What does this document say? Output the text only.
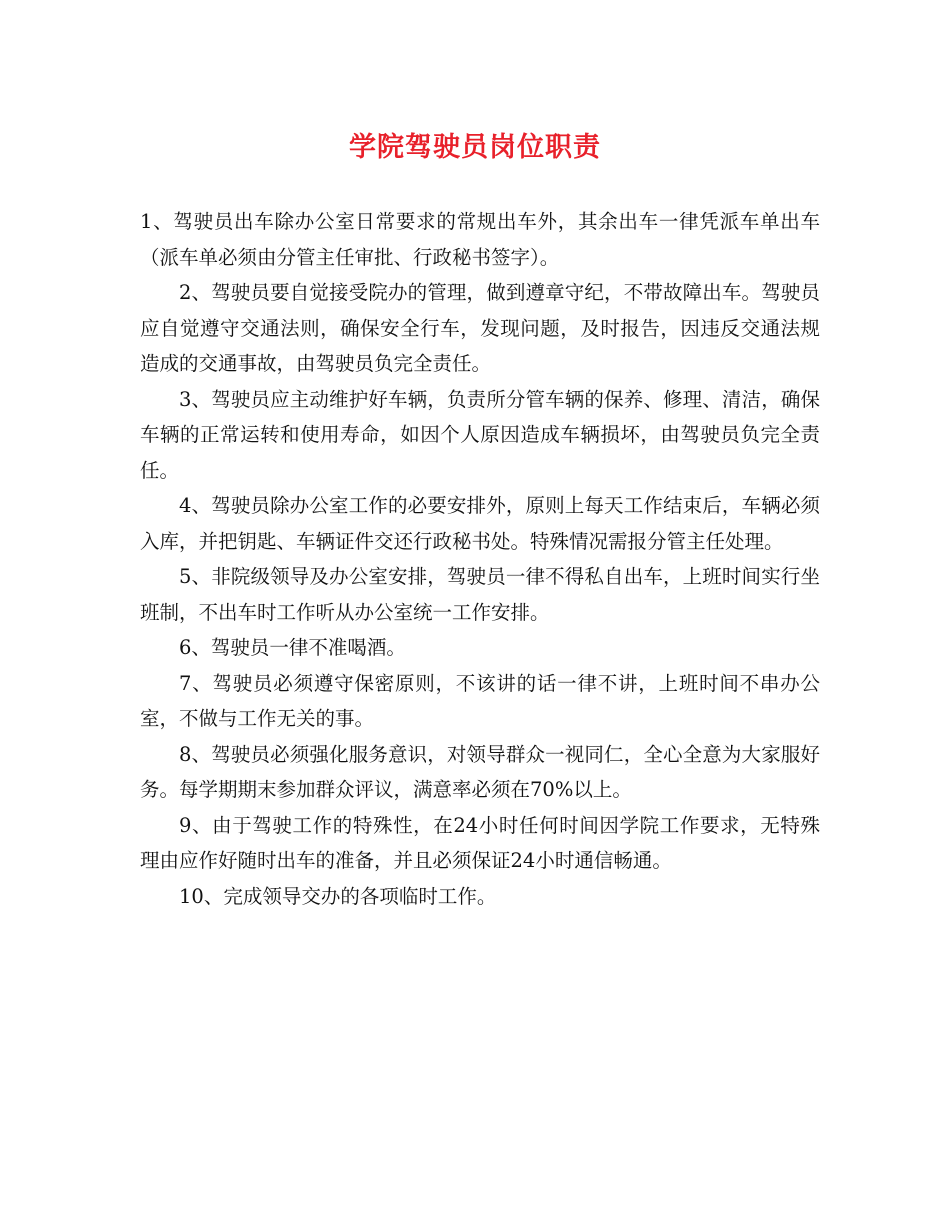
学院驾驶员岗位职责

1、驾驶员出车除办公室日常要求的常规出车外，其余出车一律凭派车单出车（派车单必须由分管主任审批、行政秘书签字）。

2、驾驶员要自觉接受院办的管理，做到遵章守纪，不带故障出车。驾驶员应自觉遵守交通法则，确保安全行车，发现问题，及时报告，因违反交通法规造成的交通事故，由驾驶员负完全责任。

3、驾驶员应主动维护好车辆，负责所分管车辆的保养、修理、清洁，确保车辆的正常运转和使用寿命，如因个人原因造成车辆损坏，由驾驶员负完全责任。

4、驾驶员除办公室工作的必要安排外，原则上每天工作结束后，车辆必须入库，并把钥匙、车辆证件交还行政秘书处。特殊情况需报分管主任处理。

5、非院级领导及办公室安排，驾驶员一律不得私自出车，上班时间实行坐班制，不出车时工作听从办公室统一工作安排。

6、驾驶员一律不准喝酒。

7、驾驶员必须遵守保密原则，不该讲的话一律不讲，上班时间不串办公室，不做与工作无关的事。

8、驾驶员必须强化服务意识，对领导群众一视同仁，全心全意为大家服好务。每学期期末参加群众评议，满意率必须在70%以上。

9、由于驾驶工作的特殊性，在24小时任何时间因学院工作要求，无特殊理由应作好随时出车的准备，并且必须保证24小时通信畅通。

10、完成领导交办的各项临时工作。
